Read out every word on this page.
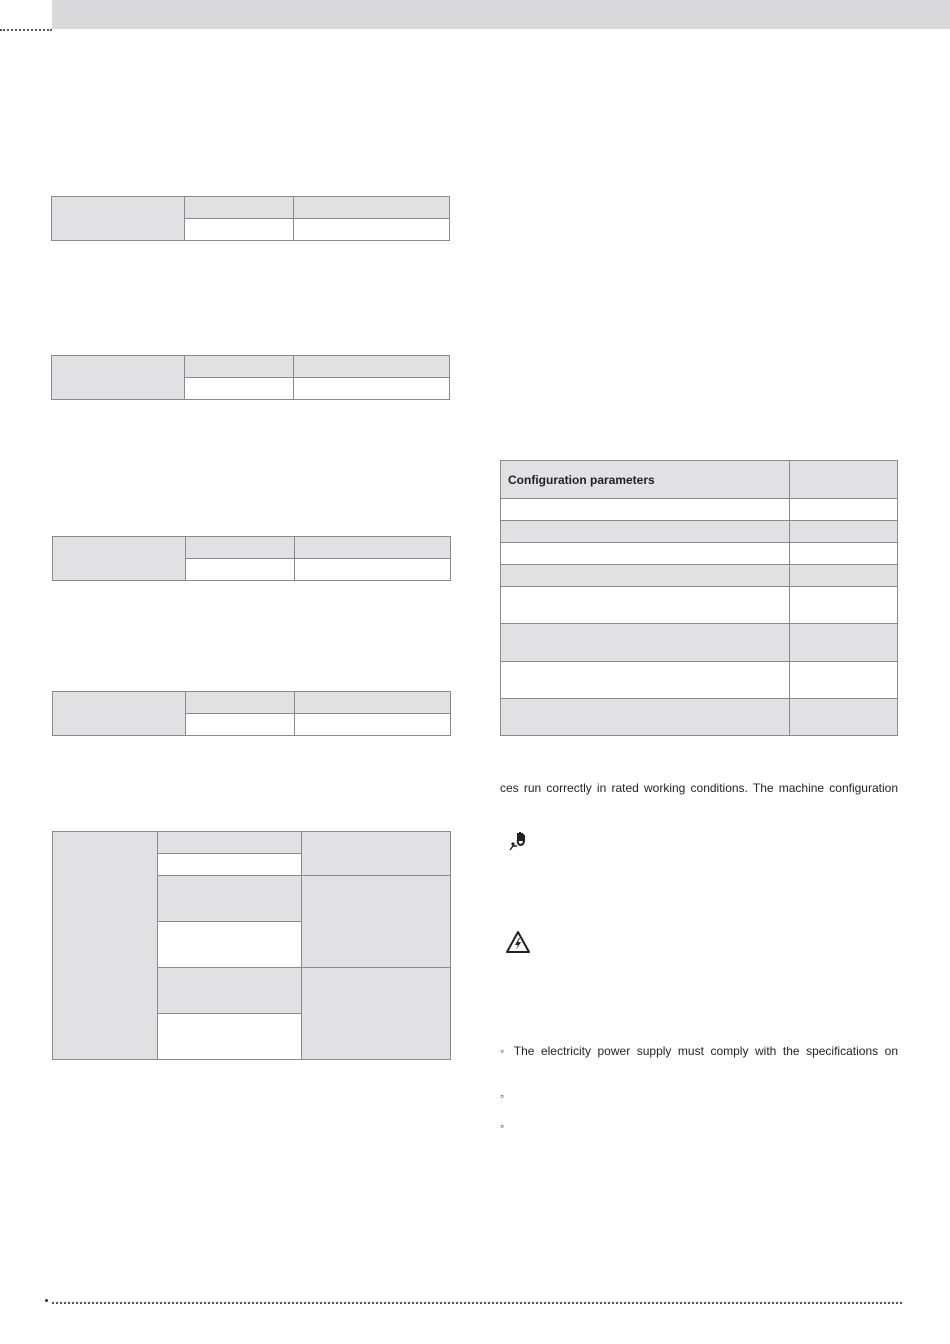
Configuration parameters
ces run correctly in rated working conditions. The machine configuration
◦ The electricity power supply must comply with the specifications on
◦
◦
